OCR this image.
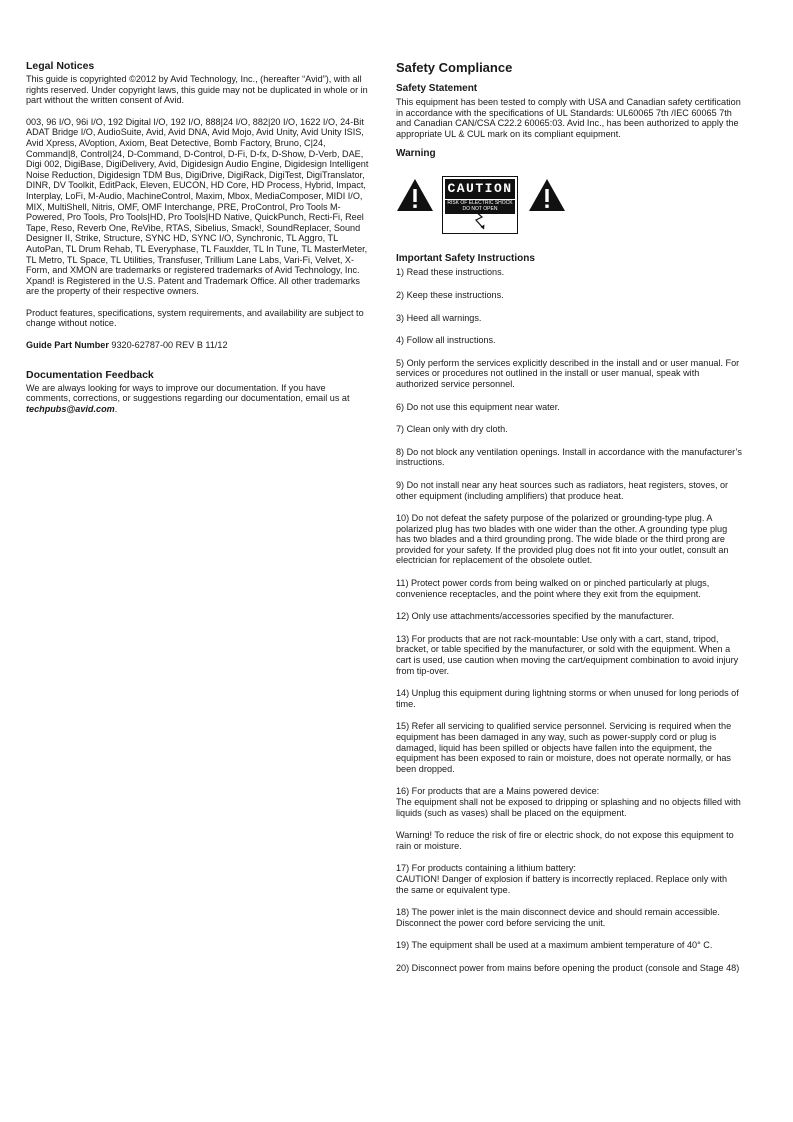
Legal Notices

This guide is copyrighted ©2012 by Avid Technology, Inc., (hereafter “Avid”), with all rights reserved. Under copyright laws, this guide may not be duplicated in whole or in part without the written consent of Avid.

003, 96 I/O, 96i I/O, 192 Digital I/O, 192 I/O, 888|24 I/O, 882|20 I/O, 1622 I/O, 24-Bit ADAT Bridge I/O, AudioSuite, Avid, Avid DNA, Avid Mojo, Avid Unity, Avid Unity ISIS, Avid Xpress, AVoption, Axiom, Beat Detective, Bomb Factory, Bruno, C|24, Command|8, Control|24, D-Command, D-Control, D-Fi, D-fx, D-Show, D-Verb, DAE, Digi 002, DigiBase, DigiDelivery, Avid, Digidesign Audio Engine, Digidesign Intelligent Noise Reduction, Digidesign TDM Bus, DigiDrive, DigiRack, DigiTest, DigiTranslator, DINR, DV Toolkit, EditPack, Eleven, EUCON, HD Core, HD Process, Hybrid, Impact, Interplay, LoFi, M-Audio, MachineControl, Maxim, Mbox, MediaComposer, MIDI I/O, MIX, MultiShell, Nitris, OMF, OMF Interchange, PRE, ProControl, Pro Tools M-Powered, Pro Tools, Pro Tools|HD, Pro Tools|HD Native, QuickPunch, Recti-Fi, Reel Tape, Reso, Reverb One, ReVibe, RTAS, Sibelius, Smack!, SoundReplacer, Sound Designer II, Strike, Structure, SYNC HD, SYNC I/O, Synchronic, TL Aggro, TL AutoPan, TL Drum Rehab, TL Everyphase, TL Fauxlder, TL In Tune, TL MasterMeter, TL Metro, TL Space, TL Utilities, Transfuser, Trillium Lane Labs, Vari-Fi, Velvet, X-Form, and XMON are trademarks or registered trademarks of Avid Technology, Inc. Xpand! is Registered in the U.S. Patent and Trademark Office. All other trademarks are the property of their respective owners.

Product features, specifications, system requirements, and availability are subject to change without notice.

Guide Part Number 9320-62787-00 REV B 11/12

Documentation Feedback

We are always looking for ways to improve our documentation. If you have comments, corrections, or suggestions regarding our documentation, email us at techpubs@avid.com.

Safety Compliance
Safety Statement

This equipment has been tested to comply with USA and Canadian safety certification in accordance with the specifications of UL Standards: UL60065 7th /IEC 60065 7th and Canadian CAN/CSA C22.2 60065:03. Avid Inc., has been authorized to apply the appropriate UL & CUL mark on its compliant equipment.

Warning
CAUTION
RISK OF ELECTRIC SHOCK
DO NOT OPEN
Important Safety Instructions

1) Read these instructions.

2) Keep these instructions.

3) Heed all warnings.

4) Follow all instructions.

5) Only perform the services explicitly described in the install and or user manual. For services or procedures not outlined in the install or user manual, speak with authorized service personnel.

6) Do not use this equipment near water.

7) Clean only with dry cloth.

8) Do not block any ventilation openings. Install in accordance with the manufacturer’s instructions.

9) Do not install near any heat sources such as radiators, heat registers, stoves, or other equipment (including amplifiers) that produce heat.

10) Do not defeat the safety purpose of the polarized or grounding-type plug. A polarized plug has two blades with one wider than the other. A grounding type plug has two blades and a third grounding prong. The wide blade or the third prong are provided for your safety. If the provided plug does not fit into your outlet, consult an electrician for replacement of the obsolete outlet.

11) Protect power cords from being walked on or pinched particularly at plugs, convenience receptacles, and the point where they exit from the equipment.

12) Only use attachments/accessories specified by the manufacturer.

13) For products that are not rack-mountable: Use only with a cart, stand, tripod, bracket, or table specified by the manufacturer, or sold with the equipment. When a cart is used, use caution when moving the cart/equipment combination to avoid injury from tip-over.

14) Unplug this equipment during lightning storms or when unused for long periods of time.

15) Refer all servicing to qualified service personnel. Servicing is required when the equipment has been damaged in any way, such as power-supply cord or plug is damaged, liquid has been spilled or objects have fallen into the equipment, the equipment has been exposed to rain or moisture, does not operate normally, or has been dropped.

16) For products that are a Mains powered device:
The equipment shall not be exposed to dripping or splashing and no objects filled with liquids (such as vases) shall be placed on the equipment.

Warning! To reduce the risk of fire or electric shock, do not expose this equipment to rain or moisture.

17) For products containing a lithium battery:
CAUTION! Danger of explosion if battery is incorrectly replaced. Replace only with the same or equivalent type.

18) The power inlet is the main disconnect device and should remain accessible. Disconnect the power cord before servicing the unit.

19) The equipment shall be used at a maximum ambient temperature of 40° C.

20) Disconnect power from mains before opening the product (console and Stage 48)
